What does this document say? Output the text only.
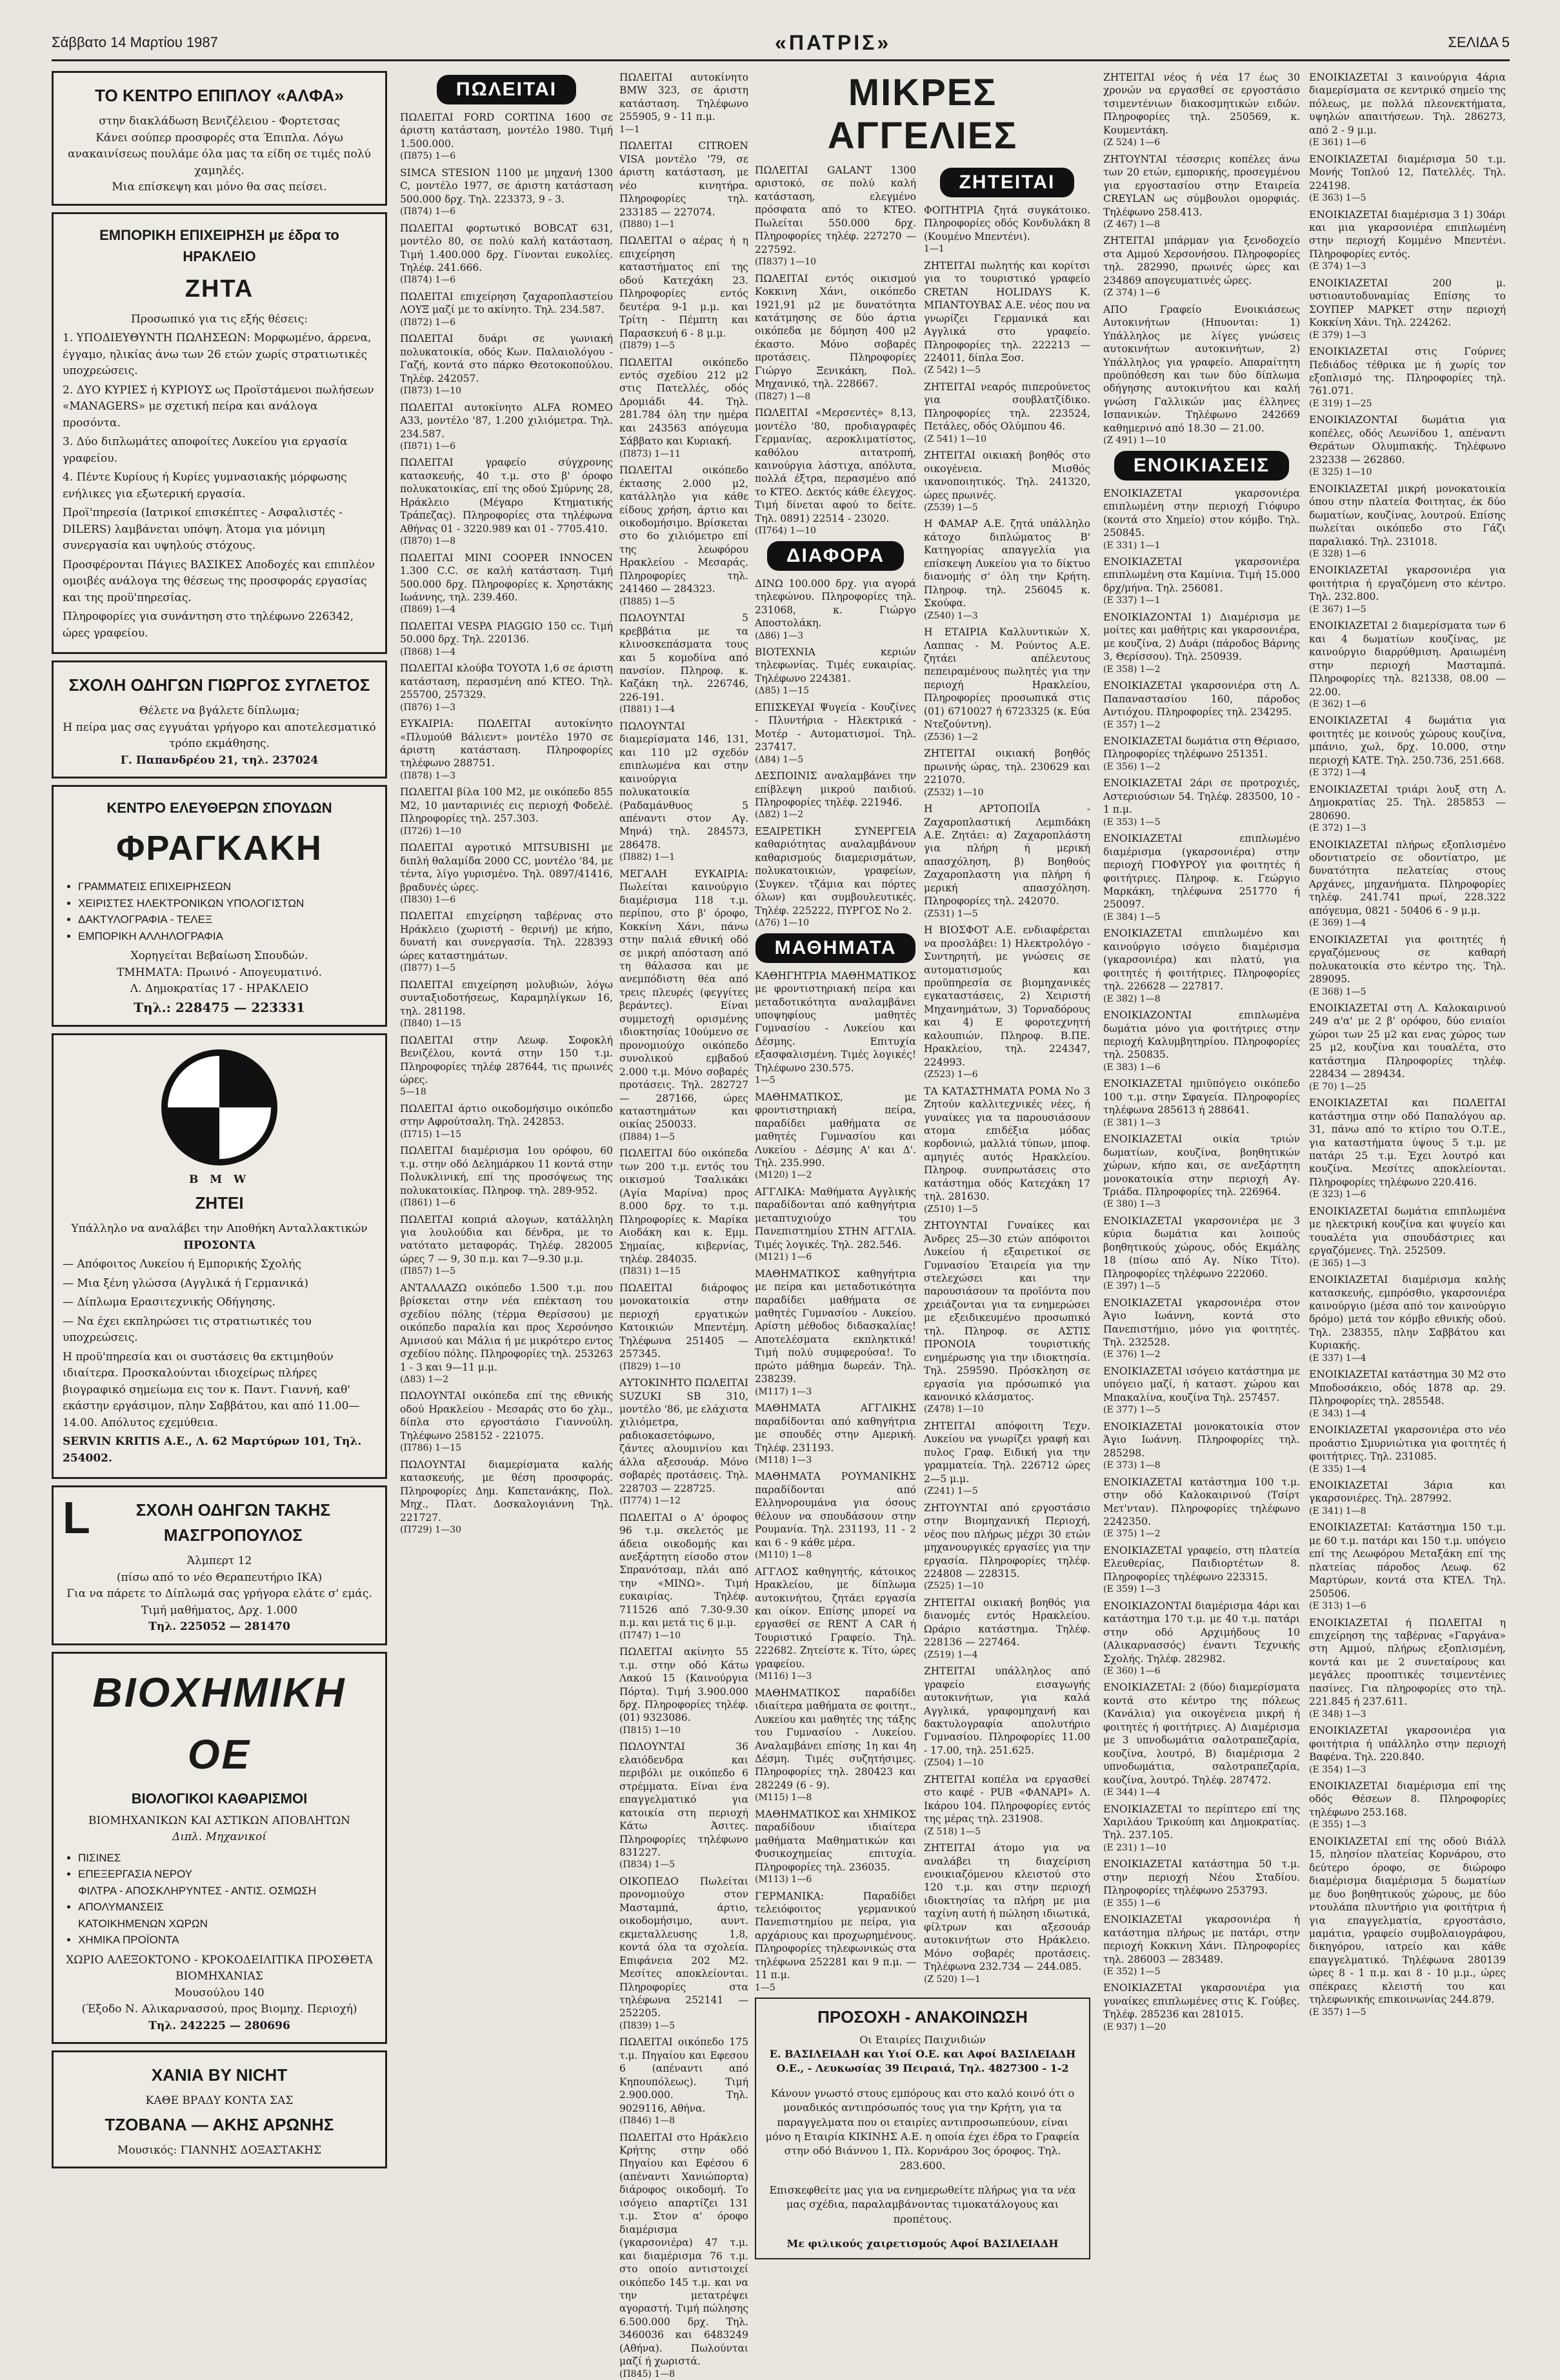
Σάββατο 14 Μαρτίου 1987	«ΠΑΤΡΙΣ»	ΣΕΛΙΔΑ 5
ΤΟ ΚΕΝΤΡΟ ΕΠΙΠΛΟΥ «ΑΛΦΑ»
στην διακλάδωση Βενιζέλειου - Φορτετσας
Κάνει σούπερ προσφορές στα Έπιπλα. Λόγω ανακαινίσεως πουλάμε όλα μας τα είδη σε τιμές πολύ χαμηλές.
Μια επίσκεψη και μόνο θα σας πείσει.
ΕΜΠΟΡΙΚΗ ΕΠΙΧΕΙΡΗΣΗ με έδρα το ΗΡΑΚΛΕΙΟ
ΖΗΤΑ
Προσωπικό για τις εξής θέσεις:

1. ΥΠΟΔΙΕΥΘΥΝΤΗ ΠΩΛΗΣΕΩΝ: Μορφωμένο, άρρενα, έγγαμο, ηλικίας άνω των 26 ετών χωρίς στρατιωτικές υποχρεώσεις.

2. ΔΥΟ ΚΥΡΙΕΣ ή ΚΥΡΙΟΥΣ ως Προϊστάμενοι πωλήσεων «MANAGERS» με σχετική πείρα και ανάλογα προσόντα.

3. Δύο διπλωμάτες αποφοίτες Λυκείου για εργασία γραφείου.

4. Πέντε Κυρίους ή Κυρίες γυμνασιακής μόρφωσης ενήλικες για εξωτερική εργασία.

Προϊ'πηρεσία (Ιατρικοί επισκέπτες - Ασφαλιστές - DILERS) λαμβάνεται υπόψη. Άτομα για μόνιμη συνεργασία και υψηλούς στόχους.

Προσφέρονται Πάγιες ΒΑΣΙΚΕΣ Αποδοχές και επιπλέον ομοιβές ανάλογα της θέσεως της προσφοράς εργασίας και της προϋ'πηρεσίας.

Πληροφορίες για συνάντηση στο τηλέφωνο 226342, ώρες γραφείου.

ΣΧΟΛΗ ΟΔΗΓΩΝ ΓΙΩΡΓΟΣ ΣΥΓΛΕΤΟΣ
Θέλετε να βγάλετε δίπλωμα;
Η πείρα μας σας εγγυάται γρήγορο και αποτελεσματικό τρόπο εκμάθησης.
Γ. Παπανδρέου 21, τηλ. 237024
ΚΕΝΤΡΟ ΕΛΕΥΘΕΡΩΝ ΣΠΟΥΔΩΝ
ΦΡΑΓΚΑΚΗ
• ΓΡΑΜΜΑΤΕΙΣ ΕΠΙΧΕΙΡΗΣΕΩΝ
• ΧΕΙΡΙΣΤΕΣ ΗΛΕΚΤΡΟΝΙΚΩΝ ΥΠΟΛΟΓΙΣΤΩΝ
• ΔΑΚΤΥΛΟΓΡΑΦΙΑ - ΤΕΛΕΞ
• ΕΜΠΟΡΙΚΗ ΑΛΛΗΛΟΓΡΑΦΙΑ
Χορηγείται Βεβαίωση Σπουδών.
ΤΜΗΜΑΤΑ: Πρωινό - Απογευματινό.
Λ. Δημοκρατίας 17 - ΗΡΑΚΛΕΙΟ
Τηλ.: 228475 — 223331
B M W
ΖΗΤΕΙ
Υπάλληλο να αναλάβει την Αποθήκη Ανταλλακτικών
ΠΡΟΣΟΝΤΑ

— Απόφοιτος Λυκείου ή Εμπορικής Σχολής

— Μια ξένη γλώσσα (Αγγλικά ή Γερμανικά)

— Δίπλωμα Ερασιτεχνικής Οδήγησης.

— Να έχει εκπληρώσει τις στρατιωτικές του υποχρεώσεις.

Η προϋ'πηρεσία και οι συστάσεις θα εκτιμηθούν ιδιαίτερα. Προσκαλούνται ιδιοχείρως πλήρες βιογραφικό σημείωμα εις τον κ. Παντ. Γιαννή, καθ' εκάστην εργάσιμον, πλην Σαββάτου, και από 11.00—14.00. Απόλυτος εχεμύθεια.

SERVIN KRITIS A.E., Λ. 62 Μαρτύρων 101, Τηλ. 254002.

L	ΣΧΟΛΗ ΟΔΗΓΩΝ ΤΑΚΗΣ ΜΑΣΓΡΟΠΟΥΛΟΣ
Άλμπερτ 12
(πίσω από το νέο Θεραπευτήριο ΙΚΑ)
Για να πάρετε το Δίπλωμά σας γρήγορα ελάτε σ' εμάς.
Τιμή μαθήματος, Δρχ. 1.000
Τηλ. 225052 — 281470
ΒΙΟΧΗΜΙΚΗ ΟΕ
ΒΙΟΛΟΓΙΚΟΙ ΚΑΘΑΡΙΣΜΟΙ
ΒΙΟΜΗΧΑΝΙΚΩΝ ΚΑΙ ΑΣΤΙΚΩΝ ΑΠΟΒΛΗΤΩΝ
Διπλ. Μηχανικοί
• ΠΙΣΙΝΕΣ
• ΕΠΕΞΕΡΓΑΣΙΑ ΝΕΡΟΥ
ΦΙΛΤΡΑ - ΑΠΟΣΚΛΗΡΥΝΤΕΣ - ΑΝΤΙΣ. ΟΣΜΩΣΗ
• ΑΠΟΛΥΜΑΝΣΕΙΣ
ΚΑΤΟΙΚΗΜΕΝΩΝ ΧΩΡΩΝ
• ΧΗΜΙΚΑ ΠΡΟΪΟΝΤΑ
ΧΩΡΙΟ ΑΛΕΞΟΚΤΟΝΟ - ΚΡΟΚΟΔΕΙΛΙΤΙΚΑ ΠΡΟΣΘΕΤΑ ΒΙΟΜΗΧΑΝΙΑΣ
Μουσούλου 140
(Έξοδο Ν. Αλικαρνασσού, προς Βιομηχ. Περιοχή)
Τηλ. 242225 — 280696
ΧΑΝΙΑ BY NICHT
ΚΑΘΕ ΒΡΑΔΥ ΚΟΝΤΑ ΣΑΣ
ΤΖΟΒΑΝΑ — ΑΚΗΣ ΑΡΩΝΗΣ
Μουσικός: ΓΙΑΝΝΗΣ ΔΟΞΑΣΤΑΚΗΣ
ΠΩΛΕΙΤΑΙ
ΠΩΛΕΙΤΑΙ FORD CORTINA 1600 σε άριστη κατάσταση, μοντέλο 1980. Τιμή 1.500.000.
(Π875) 1—6
SIMCA STESION 1100 με μηχανή 1300 C, μοντέλο 1977, σε άριστη κατάσταση 500.000 δρχ. Τηλ. 223373, 9 - 3.
(Π874) 1—6
ΠΩΛΕΙΤΑΙ φορτωτικό BOBCAT 631, μοντέλο 80, σε πολύ καλή κατάσταση. Τιμή 1.400.000 δρχ. Γίνονται ευκολίες. Τηλέφ. 241.666.
(Π874) 1—6
ΠΩΛΕΙΤΑΙ επιχείρηση ζαχαροπλαστείου ΛΟΥΞ μαζί με το ακίνητο. Τηλ. 234.587.
(Π872) 1—6
ΠΩΛΕΙΤΑΙ δυάρι σε γωνιακή πολυκατοικία, οδός Κων. Παλαιολόγου - Γαζή, κοντά στο πάρκο Θεοτοκοπούλου. Τηλέφ. 242057.
(Π873) 1—10
ΠΩΛΕΙΤΑΙ αυτοκίνητο ALFA ROMEO A33, μοντέλο '87, 1.200 χιλιόμετρα. Τηλ. 234.587.
(Π871) 1—6
ΠΩΛΕΙΤΑΙ γραφείο σύγχρονης κατασκευής, 40 τ.μ. στο β' όροφο πολυκατοικίας, επί της οδού Σμύρνης 28, Ηράκλειο (Μέγαρο Κτηματικής Τράπεζας). Πληροφορίες στα τηλέφωνα Αθήνας 01 - 3220.989 και 01 - 7705.410.
(Π870) 1—8
ΠΩΛΕΙΤΑΙ MINI COOPER INNOCEN 1.300 C.C. σε καλή κατάσταση. Τιμή 500.000 δρχ. Πληροφορίες κ. Χρηστάκης Ιωάννης, τηλ. 239.460.
(Π869) 1—4
ΠΩΛΕΙΤΑΙ VESPA PIAGGIO 150 cc. Τιμή 50.000 δρχ. Τηλ. 220136.
(Π868) 1—4
ΠΩΛΕΙΤΑΙ κλούβα TOYOTA 1,6 σε άριστη κατάσταση, περασμένη από ΚΤΕΟ. Τηλ. 255700, 257329.
(Π876) 1—3
ΕΥΚΑΙΡΙΑ: ΠΩΛΕΙΤΑΙ αυτοκίνητο «Πλυμούθ Βάλιεντ» μοντέλο 1970 σε άριστη κατάσταση. Πληροφορίες τηλέφωνο 288751.
(Π878) 1—3
ΠΩΛΕΙΤΑΙ βίλα 100 Μ2, με οικόπεδο 855 Μ2, 10 μανταρινιές εις περιοχή Φοδελέ. Πληροφορίες τηλ. 257.303.
(Π726) 1—10
ΠΩΛΕΙΤΑΙ αγροτικό MITSUBISHI με διπλή θαλαμίδα 2000 CC, μοντέλο '84, με τέντα, λίγο γυρισμένο. Τηλ. 0897/41416, βραδυνές ώρες.
(Π830) 1—6
ΠΩΛΕΙΤΑΙ επιχείρηση ταβέρνας στο Ηράκλειο (χωριστή - θερινή) με κήπο, δυνατή και συνεργασία. Τηλ. 228393 ώρες καταστημάτων.
(Π877) 1—5
ΠΩΛΕΙΤΑΙ επιχείρηση μολυβιών, λόγω συνταξιοδοτήσεως, Καραμηλίγκων 16, τηλ. 281198.
(Π840) 1—15
ΠΩΛΕΙΤΑΙ στην Λεωφ. Σοφοκλή Βενιζέλου, κοντά στην 150 τ.μ. Πληροφορίες τηλέφ 287644, τις πρωινές ώρες.
5—18
ΠΩΛΕΙΤΑΙ άρτιο οικοδομήσιμο οικόπεδο στην Αφρούτσαλη. Τηλ. 242853.
(Π715) 1—15
ΠΩΛΕΙΤΑΙ διαμέρισμα 1ου ορόφου, 60 τ.μ. στην οδό Δελημάρκου 11 κοντά στην Πολυκλινική, επί της προσόψεως της πολυκατοικίας. Πληροφ. τηλ. 289-952.
(Π861) 1—6
ΠΩΛΕΙΤΑΙ κοπριά αλογων, κατάλληλη για λουλούδια και δένδρα, με το νατότατο μεταφοράς. Τηλέφ. 282005 ώρες 7 — 9, 30 π.μ. και 7—9.30 μ.μ.
(Π857) 1—5
ΑΝΤΑΛΛΑΖΩ οικόπεδο 1.500 τ.μ. που βρίσκεται στην νέα επέκταση του σχεδίου πόλης (τέρμα Θερίσσου) με οικόπεδο παραλία και προς Χερσόνησο Αμνισού και Μάλια ή με μικρότερο εντος σχεδίου πόλης. Πληροφορίες τηλ. 253263 1 - 3 και 9—11 μ.μ.
(Δ83) 1—2
ΠΩΛΟΥΝΤΑΙ οικόπεδα επί της εθνικής οδού Ηρακλείου - Μεσαράς στο 6ο χλμ., δίπλα στο εργοστάσιο Γιαννούλη. Τηλέφωνο 258152 - 221075.
(Π786) 1—15
ΠΩΛΟΥΝΤΑΙ διαμερίσματα καλής κατασκευής, με θέση προσφοράς. Πληροφορίες Δημ. Καπετανάκης, Πολ. Μηχ., Πλατ. Δοσκαλογιάννη Τηλ. 221727.
(Π729) 1—30
ΠΩΛΕΙΤΑΙ αυτοκίνητο BMW 323, σε άριστη κατάσταση. Τηλέφωνο 255905, 9 - 11 π.μ.
1—1
ΠΩΛΕΙΤΑΙ CITROEN VISA μοντέλο '79, σε άριστη κατάσταση, με νέο κινητήρα. Πληροφορίες τηλ. 233185 — 227074.
(Π880) 1—1
ΠΩΛΕΙΤΑΙ ο αέρας ή η επιχείρηση καταστήματος επί της οδού Κατεχάκη 23. Πληροφορίες εντός δευτέρα 9-1 μ.μ. και Τρίτη - Πέμπτη και Παρασκευή 6 - 8 μ.μ.
(Π879) 1—5
ΠΩΛΕΙΤΑΙ οικόπεδο εντός σχεδίου 212 μ2 στις Πατελλές, οδός Δρομιάδι 44. Τηλ. 281.784 όλη την ημέρα και 243563 απόγευμα Σάββατο και Κυριακή.
(Π873) 1—11
ΠΩΛΕΙΤΑΙ οικόπεδο έκτασης 2.000 μ2, κατάλληλο για κάθε είδους χρήση, άρτιο και οικοδομήσιμο. Βρίσκεται στο 6ο χιλιόμετρο επί της λεωφόρου Ηρακλείου - Μεσαράς. Πληροφορίες τηλ. 241460 — 284323.
(Π885) 1—5
ΠΩΛΟΥΝΤΑΙ 5 κρεββάτια με τα κλινοσκεπάσματα τους και 5 κομοδίνα από πανσίον. Πληροφ. κ. Καζάκη τηλ. 226746, 226-191.
(Π881) 1—4
ΠΩΛΟΥΝΤΑΙ διαμερίσματα 146, 131, και 110 μ2 σχεδόν επιπλωμένα και στην καινούργια πολυκατοικία (Ραδαμάνθυος 5 απέναντι στον Αγ. Μηνά) τηλ. 284573, 286478.
(Π882) 1—1
ΜΕΓΑΛΗ ΕΥΚΑΙΡΙΑ: Πωλείται καινούργιο διαμέρισμα 118 τ.μ. περίπου, στο β' όροφο, Κοκκίνη Χάνι, πάνω στην παλιά εθνική οδό σε μικρή απόσταση από τη θάλασσα και με ανεμπόδιστη θέα από τρεις πλευρές (φεγγίτες βεράντες). Είναι συμμετοχή ορισμένης ιδιοκτησίας 10ούμενο σε προνομιούχο οικόπεδο συνολικού εμβαδού 2.000 τ.μ. Μόνο σοβαρές προτάσεις. Τηλ. 282727 — 287166, ώρες καταστημάτων και οικίας 250033.
(Π884) 1—5
ΠΩΛΕΙΤΑΙ δύο οικόπεδα των 200 τ.μ. εντός του οικισμού Τσαλικάκι (Αγία Μαρίνα) προς 8.000 δρχ. το τ.μ. Πληροφορίες κ. Μαρίκα Αιοδάκη και κ. Εμμ. Σημαίας, κιβερνίας, τηλέφ. 284035.
(Π831) 1—15
ΠΩΛΕΙΤΑΙ διάροφος μονοκατοικία στην περιοχή εργατικών Κατοικιών Μπεντέμη. Τηλέφωνα 251405 — 257345.
(Π829) 1—10
ΑΥΤΟΚΙΝΗΤΟ ΠΩΛΕΙΤΑΙ SUZUKI SB 310, μοντέλο '86, με ελάχιστα χιλιόμετρα, ραδιοκασετόφωνο, ζάντες αλουμινίου και άλλα αξεσουάρ. Μόνο σοβαρές προτάσεις. Τηλ. 228703 — 228725.
(Π774) 1—12
ΠΩΛΕΙΤΑΙ ο Α' όροφος 96 τ.μ. σκελετός με άδεια οικοδομής και ανεξάρτητη είσοδο στον Σπρανότσαμ, πλάι από την «ΜΙΝΩ». Τιμή ευκαιρίας. Τηλέφ. 711526 από 7.30-9.30 π.μ. και μετά τις 6 μ.μ.
(Π747) 1—10
ΠΩΛΕΙΤΑΙ ακίνητο 55 τ.μ. στην οδό Κάτω Λακού 15 (Καινούργια Πόρτα). Τιμή 3.900.000 δρχ. Πληροφορίες τηλέφ. (01) 9323086.
(Π815) 1—10
ΠΩΛΟΥΝΤΑΙ 36 ελαιόδενδρα και περιβόλι με οικόπεδο 6 στρέμματα. Είναι ένα επαγγελματικό για κατοικία στη περιοχή Κάτω Άσιτες. Πληροφορίες τηλέφωνο 831227.
(Π834) 1—5
ΟΙΚΟΠΕΔΟ Πωλείται προνομιούχο στον Μασταμπά, άρτιο, οικοδομήσιμο, αυντ. εκμεταλλευσης 1,8, κοντά όλα τα σχολεία. Επιφάνεια 202 Μ2. Μεσίτες αποκλείονται. Πληροφορίες στα τηλέφωνα 252141 — 252205.
(Π839) 1—5
ΠΩΛΕΙΤΑΙ οικόπεδο 175 τ.μ. Πηγαίου και Εφεσου 6 (απέναντι από Κηπουπόλεως). Τιμή 2.900.000. Τηλ. 9029116, Αθήνα.
(Π846) 1—8
ΠΩΛΕΙΤΑΙ στο Ηράκλειο Κρήτης στην οδό Πηγαίου και Εφέσου 6 (απέναντι Χανιώπορτα) διάροφος οικοδομή. Το ισόγειο απαρτίζει 131 τ.μ. Στον α' όροφο διαμέρισμα (γκαρσονιέρα) 47 τ.μ. και διαμέρισμα 76 τ.μ. στο οποίο αντιστοιχεί οικόπεδο 145 τ.μ. και να την μετατρέψει αγοραστή. Τιμή πώλησης 6.500.000 δρχ. Τηλ. 3460036 και 6483249 (Αθήνα). Πωλούνται μαζί ή χωριστά.
(Π845) 1—8
ΜΙΚΡΕΣ ΑΓΓΕΛΙΕΣ
ΠΩΛΕΙΤΑΙ GALANT 1300 αριστοκό, σε πολύ καλή κατάσταση, ελεγμένο πρόσφατα από το ΚΤΕΟ. Πωλείται 550.000 δρχ. Πληροφορίες τηλέφ. 227270 — 227592.
(Π837) 1—10
ΠΩΛΕΙΤΑΙ εντός οικισμού Κοκκινη Χάνι, οικόπεδο 1921,91 μ2 με δυνατότητα κατάτμησης σε δύο άρτια οικόπεδα με δόμηση 400 μ2 έκαστο. Μόνο σοβαρές προτάσεις. Πληροφορίες Γιώργο Ξενικάκη, Πολ. Μηχανικό, τηλ. 228667.
(Π827) 1—8
ΠΩΛΕΙΤΑΙ «Μερσεντές» 8,13, μοντέλο '80, προδιαγραφές Γερμανίας, αεροκλιματίστος, καθόλου αιτατροπή, καινούργια λάστιχα, απόλυτα, πολλά έξτρα, περασμένο από το ΚΤΕΟ. Δεκτός κάθε έλεγχος. Τιμή δίνεται αφού το δείτε. Τηλ. 0891) 22514 - 23020.
(Π764) 1—10
ΔΙΑΦΟΡΑ
ΔΙΝΩ 100.000 δρχ. για αγορά τηλεφώνου. Πληροφορίες τηλ. 231068, κ. Γιώργο Αποστολάκη.
(Δ86) 1—3
ΒΙΟΤΕΧΝΙΑ κεριών τηλεφωνίας. Τιμές ευκαιρίας. Τηλέφωνο 224381.
(Δ85) 1—15
ΕΠΙΣΚΕΥΑΙ Ψυγεία - Κουζίνες - Πλυντήρια - Ηλεκτρικά - Μοτέρ - Αυτοματισμοί. Τηλ. 237417.
(Δ84) 1—5
ΔΕΣΠΟΙΝΙΣ αναλαμβάνει την επίβλεψη μικρού παιδιού. Πληροφορίες τηλέφ. 221946.
(Δ82) 1—2
ΕΞΑΙΡΕΤΙΚΗ ΣΥΝΕΡΓΕΙΑ καθαριότητας αναλαμβάνουν καθαρισμούς διαμερισμάτων, πολυκατοικιών, γραφείων, (Συγκεν. τζάμια και πόρτες όλων) και συμβουλευτικές. Τηλέφ. 225222, ΠΥΡΓΟΣ Νο 2.
(Δ76) 1—10
ΜΑΘΗΜΑΤΑ
ΚΑΘΗΓΗΤΡΙΑ ΜΑΘΗΜΑΤΙΚΟΣ με φροντιστηριακή πείρα και μεταδοτικότητα αναλαμβάνει υποψηφίους μαθητές Γυμνασίου - Λυκείου και Δέσμης. Επιτυχία εξασφαλισμένη. Τιμές λογικές! Τηλέφωνο 230.575.
1—5
ΜΑΘΗΜΑΤΙΚΟΣ, με φροντιστηριακή πείρα, παραδίδει μαθήματα σε μαθητές Γυμνασίου και Λυκείου - Δέσμης Α' και Δ'. Τηλ. 235.990.
(Μ120) 1—2
ΑΓΓΛΙΚΑ: Μαθήματα Αγγλικής παραδίδονται από καθηγήτρια μεταπτυχιούχο του Πανεπιστημίου ΣΤΗΝ ΑΓΓΛΙΑ. Τιμές λογικές. Τηλ. 282.546.
(Μ121) 1—6
ΜΑΘΗΜΑΤΙΚΟΣ καθηγήτρια με πείρα και μεταδοτικότητα παραδίδει μαθήματα σε μαθητές Γυμνασίου - Λυκείου. Αρίστη μέθοδος διδασκαλίας! Αποτελέσματα εκπληκτικά! Τιμή πολύ συμφερούσα!. Το πρώτο μάθημα δωρεάν. Τηλ. 238239.
(Μ117) 1—3
ΜΑΘΗΜΑΤΑ ΑΓΓΛΙΚΗΣ παραδίδονται από καθηγήτρια με σπουδές στην Αμερική. Τηλέφ. 231193.
(Μ118) 1—3
ΜΑΘΗΜΑΤΑ ΡΟΥΜΑΝΙΚΗΣ παραδίδονται από Ελληνορουμάνα για όσους θέλουν να σπουδάσουν στην Ρουμανία. Τηλ. 231193, 11 - 2 και 6 - 9 κάθε μέρα.
(Μ110) 1—8
ΑΓΓΛΟΣ καθηγητής, κάτοικος Ηρακλείου, με δίπλωμα αυτοκινήτου, ζητάει εργασία και οίκον. Επίσης μπορεί να εργασθεί σε RENT A CAR ή Τουριστικό Γραφείο. Τηλ. 222682. Ζητείστε κ. Τίτο, ώρες γραφείου.
(Μ116) 1—3
ΜΑΘΗΜΑΤΙΚΟΣ παραδίδει ιδιαίτερα μαθήματα σε φοιτητ., Λυκείου και μαθητές της τάξης του Γυμνασίου - Λυκείου. Αναλαμβάνει επίσης 1η και 4η Δέσμη. Τιμές συζητήσιμες. Πληροφορίες τηλ. 280423 και 282249 (6 - 9).
(Μ115) 1—8
ΜΑΘΗΜΑΤΙΚΟΣ και ΧΗΜΙΚΟΣ παραδίδουν ιδιαίτερα μαθήματα Μαθηματικών και Φυσικοχημείας επιτυχία. Πληροφορίες τηλ. 236035.
(Μ113) 1—6
ΓΕΡΜΑΝΙΚΑ: Παραδίδει τελειόφοιτος γερμανικού Πανεπιστημίου με πείρα, για αρχάριους και προχωρημένους. Πληροφορίες τηλεφωνικώς στα τηλέφωνα 252281 και 9 π.μ. — 11 π.μ.
1—5
ΖΗΤΕΙΤΑΙ
ΦΟΙΤΗΤΡΙΑ ζητά συγκάτοικο. Πληροφορίες οδός Κονδυλάκη 8 (Κουμένο Μπεντένι).
1—1
ΖΗΤΕΙΤΑΙ πωλητής και κορίτσι για το τουριστικό γραφείο CRETAN HOLIDAYS Κ. ΜΠΑΝΤΟΥΒΑΣ Α.Ε. νέος που να γνωρίζει Γερμανικά και Αγγλικά στο γραφείο. Πληροφορίες τηλ. 222213 — 224011, δίπλα Ξοσ.
(Z 542) 1—5
ΖΗΤΕΙΤΑΙ νεαρός πιπερούνετος για σουβλατζίδικο. Πληροφορίες τηλ. 223524, Πετάλες, οδός Ολύμπου 46.
(Z 541) 1—10
ΖΗΤΕΙΤΑΙ οικιακή βοηθός στο οικογένεια. Μισθός ικανοποιητικός. Τηλ. 241320, ώρες πρωινές.
(Z539) 1—5
Η ΦΑΜΑΡ Α.Ε. ζητά υπάλληλο κάτοχο διπλώματος Β' Κατηγορίας απαγγελία για επίσκεψη Λυκείου για το δίκτυο διανομής σ' όλη την Κρήτη. Πληροφ. τηλ. 256045 κ. Σκούφα.
(Z540) 1—3
Η ΕΤΑΙΡΙΑ Καλλυντικών Χ. Λαππας - Μ. Ρούντος Α.Ε. ζητάει απέλευτους πεπειραμένους πωλητές για την περιοχή Ηρακλείου, Πληροφορίες προσωπικά στις (01) 6710027 ή 6723325 (κ. Εύα Ντεζούντνη).
(Z536) 1—2
ΖΗΤΕΙΤΑΙ οικιακή βοηθός πρωινής ώρας, τηλ. 230629 και 221070.
(Z532) 1—10
Η ΑΡΤΟΠΟΙΪΑ - Ζαχαροπλαστική Λεμπιδάκη Α.Ε. Ζητάει: α) Ζαχαροπλάστη για πλήρη ή μερική απασχόληση, β) Βοηθούς Ζαχαροπλαστη για πλήρη ή μερική απασχόληση. Πληροφορίες τηλ. 242070.
(Z531) 1—5
Η ΒΙΟΣΦΟΤ Α.Ε. ενδιαφέρεται να προσλάβει: 1) Ηλεκτρολόγο - Συντηρητή, με γνώσεις σε αυτοματισμούς και προϋπηρεσία σε βιομηχανικές εγκαταστάσεις, 2) Χειριστή Μηχανημάτων, 3) Τορναδόρους και 4) Ε φοροτεχνητή καλουπιών. Πληροφ. Β.ΠΕ. Ηρακλείου, τηλ. 224347, 224993.
(Z523) 1—6
ΤΑ ΚΑΤΑΣΤΗΜΑΤΑ ΡΟΜΑ No 3 Ζητούν καλλιτεχνικές νέες, ή γυναίκες για τα παρουσιάσουν ατομα επιδέξια μόδας κορδονιώ, μαλλιά τύπων, μποφ. αμηγιές αυτός Ηρακλείου. Πληροφ. συνπρωτάσεις στο κατάστημα οδός Κατεχάκη 17 τηλ. 281630.
(Z510) 1—5
ΖΗΤΟΥΝΤΑΙ Γυναίκες και Άνδρες 25—30 ετών απόφοιτοι Λυκείου ή εξαιρετικοί σε Γυμνασίου Έταιρεία για την στελεχώσει και την παρουσιάσουν τα προϊόντα που χρειάζονται για τα ενημερώσει με εξειδικευμένο προσωπικό τηλ. Πληροφ. σε ΑΣΤΙΣ ΠΡΟΝΟΙΑ τουριστικής ενημέρωσης για την ιδιοκτησία. Τηλ. 259590. Πρόσκληση σε εργασία για πρόσωπικό για κανονικό κλάσματος.
(Z478) 1—10
ΖΗΤΕΙΤΑΙ απόφοιτη Τεχν. Λυκείου να γνωρίζει γραφή και πυλος Γραφ. Ειδική για την γραμματεία. Τηλ. 226712 ώρες 2—5 μ.μ.
(Z241) 1—5
ΖΗΤΟΥΝΤΑΙ από εργοστάσιο στην Βιομηχανική Περιοχή, νέος που πλήρως μέχρι 30 ετών μηχανουργικές εργασίες για την εργασία. Πληροφορίες τηλέφ. 224808 — 228315.
(Z525) 1—10
ΖΗΤΕΙΤΑΙ οικιακή βοηθός για διανομές εντός Ηρακλείου. Ωράριο κατάστημα. Τηλέφ. 228136 — 227464.
(Z519) 1—4
ΖΗΤΕΙΤΑΙ υπάλληλος από γραφείο εισαγωγής αυτοκινήτων, για καλά Αγγλικά, γραφομηχανή και δακτυλογραφία απολυτήριο Γυμνασίου. Πληροφορίες 11.00 - 17.00, τηλ. 251.625.
(Z504) 1—10
ΖΗΤΕΙΤΑΙ κοπέλα να εργασθεί στο καφέ - PUB «ΦΑΝΑΡΙ» Λ. Ικάρου 104. Πληροφορίες εντός της μέρας τηλ. 231908.
(Z 518) 1—5
ΖΗΤΕΙΤΑΙ άτομο για να αναλάβει τη διαχείριση ενοικιαζόμενου κλειστού στο 120 τ.μ. και στην περιοχή ιδιοκτησίας τα πλήρη με μια ταχίνη αυτή ή πώληση ιδιωτικά, φίλτρων και αξεσουάρ αυτοκινήτων στο Ηράκλειο. Μόνο σοβαρές προτάσεις. Τηλέφωνα 232.734 — 244.085.
(Z 520) 1—1
ΠΡΟΣΟΧΗ - ΑΝΑΚΟΙΝΩΣΗ
Οι Εταιρίες Παιχνιδιών
Ε. ΒΑΣΙΛΕΙΑΔΗ και Υιοί Ο.Ε. και Αφοί ΒΑΣΙΛΕΙΑΔΗ Ο.Ε., - Λευκωσίας 39 Πειραιά, Τηλ. 4827300 - 1-2

Κάνουν γνωστό στους εμπόρους και στο καλό κοινό ότι ο μοναδικός αντιπρόσωπός τους για την Κρήτη, για τα παραγγελματα που οι εταιρίες αντιπροσωπεύουν, είναι μόνο η Εταιρία ΚΙΚΙΝΗΣ Α.Ε. η οποία έχει έδρα το Γραφεία στην οδό Βιάννου 1, Πλ. Κορνάρου 3ος όροφος. Τηλ. 283.600.

Επισκεφθείτε μας για να ενημερωθείτε πλήρως για τα νέα μας σχέδια, παραλαμβάνοντας τιμοκατάλογους και προπέτους.

Με φιλικούς χαιρετισμούς Αφοί ΒΑΣΙΛΕΙΑΔΗ
ΖΗΤΕΙΤΑΙ νέος ή νέα 17 έως 30 χρονών να εργασθεί σε εργοστάσιο τσιμεντένιων διακοσμητικών ειδών. Πληροφορίες τηλ. 250569, κ. Κουμεντάκη.
(Z 524) 1—6
ΖΗΤΟΥΝΤΑΙ τέσσερις κοπέλες άνω των 20 ετών, εμπορικής, προσεγμένου για εργοστασίου στην Εταιρεία CREYLAN ως σύμβουλοι ομορφιάς. Τηλέφωνο 258.413.
(Z 467) 1—8
ΖΗΤΕΙΤΑΙ μπάρμαν για ξενοδοχείο στα Αμμού Χερσονήσου. Πληροφορίες τηλ. 282990, πρωινές ώρες και 234869 απογευματινές ώρες.
(Z 374) 1—6
ΑΠΟ Γραφείο Ενοικιάσεως Αυτοκινήτων (Ηπυονται: 1) Υπάλληλος με λίγες γνώσεις αυτοκινήτων αυτοκινήτων, 2) Υπάλληλος για γραφείο. Απαραίτητη προϋπόθεση και των δύο δίπλωμα οδήγησης αυτοκινήτου και καλή γνώση Γαλλικών μας έλληνες Ισπανικών. Τηλέφωνο 242669 καθημερινό από 18.30 — 21.00.
(Z 491) 1—10
ΕΝΟΙΚΙΑΣΕΙΣ
ΕΝΟΙΚΙΑΖΕΤΑΙ γκαρσονιέρα επιπλωμένη στην περιοχή Γιόφυρο (κοντά στο Χημείο) στον κόμβο. Τηλ. 250845.
(Ε 331) 1—1
ΕΝΟΙΚΙΑΖΕΤΑΙ γκαρσονιέρα επιπλωμένη στα Καμίνια. Τιμή 15.000 δρχ/μήνα. Τηλ. 256081.
(Ε 337) 1—1
ΕΝΟΙΚΙΑΖΟΝΤΑΙ 1) Διαμέρισμα με μοίτες και μαθήτρις και γκαρσονιέρα, με κουζίνα, 2) Δυάρι (πάροδος Βάρνης 3, Θερίσσου). Τηλ. 250939.
(Ε 358) 1—2
ΕΝΟΙΚΙΑΖΕΤΑΙ γκαρσονιέρα στη Λ. Παπαναστασίου 160, πάροδος Αντιόχου. Πληροφορίες τηλ. 234295.
(Ε 357) 1—2
ΕΝΟΙΚΙΑΖΕΤΑΙ δωμάτια στη Θέριασο, Πληροφορίες τηλέφωνο 251351.
(Ε 356) 1—2
ΕΝΟΙΚΙΑΖΕΤΑΙ 2άρι σε προτροχιές, Αστεριούσιων 54. Τηλέφ. 283500, 10 - 1 π.μ.
(Ε 353) 1—5
ΕΝΟΙΚΙΑΖΕΤΑΙ επιπλωμένο διαμέρισμα (γκαρσονιέρα) στην περιοχή ΓΙΟΦΥΡΟΥ για φοιτητές ή φοιτήτριες. Πληροφ. κ. Γεώργιο Μαρκάκη, τηλέφωνα 251770 ή 250097.
(Ε 384) 1—5
ΕΝΟΙΚΙΑΖΕΤΑΙ επιπλωμένο και καινούργιο ισόγειο διαμέρισμα (γκαρσονιέρα) και πλατύ, για φοιτητές ή φοιτήτριες. Πληροφορίες τηλ. 226628 — 227817.
(Ε 382) 1—8
ΕΝΟΙΚΙΑΖΟΝΤΑΙ επιπλωμένα δωμάτια μόνο για φοιτήτριες στην περιοχή Καλυμβητηρίου. Πληροφορίες τηλ. 250835.
(Ε 383) 1—6
ΕΝΟΙΚΙΑΖΕΤΑΙ ημιϋπόγειο οικόπεδο 100 τ.μ. στην Σφαγεία. Πληροφορίες τηλέφωνα 285613 ή 288641.
(Ε 381) 1—3
ΕΝΟΙΚΙΑΖΕΤΑΙ οικία τριών δωματίων, κουζίνα, βοηθητικών χώρων, κήπο και, σε ανεξάρτητη μονοκατοικία στην περιοχή Αγ. Τριάδα. Πληροφορίες τηλ. 226964.
(Ε 380) 1—3
ΕΝΟΙΚΙΑΖΕΤΑΙ γκαρσονιέρα με 3 κύρια δωμάτια και λοιπούς βοηθητικούς χώρους, οδός Εκμάλης 18 (πίσω από Αγ. Νίκο Τίτο). Πληροφορίες τηλέφωνο 222060.
(Ε 397) 1—5
ΕΝΟΙΚΙΑΖΕΤΑΙ γκαρσονιέρα στον Άγιο Ιωάννη, κοντά στο Πανεπιστήμιο, μόνο για φοιτητές. Τηλ. 232528.
(Ε 376) 1—2
ΕΝΟΙΚΙΑΖΕΤΑΙ ισόγειο κατάστημα με υπόγειο μαζί, ή καταστ. χώρου και Μπακαλίνα, κουζίνα Τηλ. 257457.
(Ε 377) 1—5
ΕΝΟΙΚΙΑΖΕΤΑΙ μονοκατοικία στον Άγιο Ιωάννη. Πληροφορίες τηλ. 285298.
(Ε 373) 1—8
ΕΝΟΙΚΙΑΖΕΤΑΙ κατάστημα 100 τ.μ. στην οδό Καλοκαιρινού (Τσίρτ Μετ'νταν). Πληροφορίες τηλέφωνο 2242350.
(Ε 375) 1—2
ΕΝΟΙΚΙΑΖΕΤΑΙ γραφείο, στη πλατεία Ελευθερίας, Παιδιορτέτων 8. Πληροφορίες τηλέφωνο 223315.
(Ε 359) 1—3
ΕΝΟΙΚΙΑΖΟΝΤΑΙ διαμέρισμα 4άρι και κατάστημα 170 τ.μ. με 40 τ.μ. πατάρι στην οδό Αρχιμήδους 10 (Αλικαρνασσός) έναντι Τεχνικής Σχολής. Τηλέφ. 282982.
(Ε 360) 1—6
ΕΝΟΙΚΙΑΖΕΤΑΙ: 2 (δύο) διαμερίσματα κοντά στο κέντρο της πόλεως (Κανάλια) για οικογένεια μικρή ή φοιτητές ή φοιτήτριες. Α) Διαμέρισμα με 3 υπνοδωμάτια σαλοτραπεζαρία, κουζίνα, λουτρό, Β) διαμέρισμα 2 υπνοδωμάτια, σαλοτραπεζαρία, κουζίνα, λουτρό. Τηλέφ. 287472.
(Ε 344) 1—4
ΕΝΟΙΚΙΑΖΕΤΑΙ το περίπτερο επί της Χαριλάου Τρικούπη και Δημοκρατίας. Τηλ. 237.105.
(Ε 231) 1—10
ΕΝΟΙΚΙΑΖΕΤΑΙ κατάστημα 50 τ.μ. στην περιοχή Νέου Σταδίου. Πληροφορίες τηλέφωνο 253793.
(Ε 355) 1—6
ΕΝΟΙΚΙΑΖΕΤΑΙ γκαρσονιέρα ή κατάστημα πλήρως με πατάρι, στην περιοχή Κοκκινη Χάνι. Πληροφορίες τηλ. 286003 — 283489.
(Ε 352) 1—5
ΕΝΟΙΚΙΑΖΕΤΑΙ γκαρσονιέρα για γυναίκες επιπλωμένες στις Κ. Γούβες. Τηλέφ. 285236 και 281015.
(Ε 937) 1—20
ΕΝΟΙΚΙΑΖΕΤΑΙ 3 καινούργια 4άρια διαμερίσματα σε κεντρικό σημείο της πόλεως, με πολλά πλεονεκτήματα, υψηλών απαιτήσεων. Τηλ. 286273, από 2 - 9 μ.μ.
(Ε 361) 1—6
ΕΝΟΙΚΙΑΖΕΤΑΙ διαμέρισμα 50 τ.μ. Μονής Τοπλού 12, Πατελλές. Τηλ. 224198.
(Ε 363) 1—5
ΕΝΟΙΚΙΑΖΕΤΑΙ διαμέρισμα 3 1) 30άρι και μια γκαρσονιέρα επιπλωμένη στην περιοχή Κομμένο Μπεντένι. Πληροφορίες εντός.
(Ε 374) 1—3
ΕΝΟΙΚΙΑΖΕΤΑΙ 200 μ. υστιοαυτοδυναμίας Επίσης το ΣΟΥΠΕΡ ΜΑΡΚΕΤ στην περιοχή Κοκκίνη Χάνι. Τηλ. 224262.
(Ε 379) 1—3
ΕΝΟΙΚΙΑΖΕΤΑΙ στις Γούρνες Πεδιάδος τέθρικα με ή χωρίς τον εξοπλισμό της. Πληροφορίες τηλ. 761.071.
(Ε 319) 1—25
ΕΝΟΙΚΙΑΖΟΝΤΑΙ δωμάτια για κοπέλες, οδός Λεωνίδου 1, απέναντι Θεράτων Ολυμπιακής. Τηλέφωνο 232338 — 262860.
(Ε 325) 1—10
ΕΝΟΙΚΙΑΖΕΤΑΙ μικρή μονοκατοικία όπου στην πλατεία Φοιτητας, έκ δύο δωματίων, κουζίνας, λουτρού. Επίσης πωλείται οικόπεδο στο Γάζι παραλιακό. Τηλ. 231018.
(Ε 328) 1—6
ΕΝΟΙΚΙΑΖΕΤΑΙ γκαρσονιέρα για φοιτήτρια ή εργαζόμενη στο κέντρο. Τηλ. 232.800.
(Ε 367) 1—5
ΕΝΟΙΚΙΑΖΕΤΑΙ 2 διαμερίσματα των 6 και 4 δωματίων κουζίνας, με καινούργιο διαρρύθμιση. Αραιωμένη στην περιοχή Μασταμπά. Πληροφορίες τηλ. 821338, 08.00 — 22.00.
(Ε 362) 1—6
ΕΝΟΙΚΙΑΖΕΤΑΙ 4 δωμάτια για φοιτητές με κοινούς χώρους κουζίνα, μπάνιο, χωλ, δρχ. 10.000, στην περιοχή ΚΑΤΕ. Τηλ. 250.736, 251.668.
(Ε 372) 1—4
ΕΝΟΙΚΙΑΖΕΤΑΙ τριάρι λουξ στη Λ. Δημοκρατίας 25. Τηλ. 285853 — 280690.
(Ε 372) 1—3
ΕΝΟΙΚΙΑΖΕΤΑΙ πλήρως εξοπλισμένο οδοντιατρείο σε οδοντίατρο, με δυνατότητα πελατείας στους Αρχάνες, μηχανήματα. Πληροφορίες τηλέφ. 241.741 πρωί, 228.322 απόγευμα, 0821 - 50406 6 - 9 μ.μ.
(Ε 369) 1—4
ΕΝΟΙΚΙΑΖΕΤΑΙ για φοιτητές ή εργαζόμενους σε καθαρή πολυκατοικία στο κέντρο της. Τηλ. 289095.
(Ε 368) 1—5
ΕΝΟΙΚΙΑΖΕΤΑΙ στη Λ. Καλοκαιρινού 249 α'α' με 2 β' ορόφου, δύο ενιαίοι χώροι των 25 μ2 και ενας χώρος των 25 μ2, κουζίνα και τουαλέτα, στο κατάστημα Πληροφορίες τηλέφ. 228434 — 289434.
(Ε 70) 1—25
ΕΝΟΙΚΙΑΖΕΤΑΙ και ΠΩΛΕΙΤΑΙ κατάστημα στην οδό Παπαλόγου αρ. 31, πάνω από το κτίριο του Ο.Τ.Ε., για καταστήματα ύψους 5 τ.μ. με πατάρι 25 τ.μ. Έχει λουτρό και κουζίνα. Μεσίτες αποκλείονται. Πληροφορίες τηλέφωνο 220.416.
(Ε 323) 1—6
ΕΝΟΙΚΙΑΖΕΤΑΙ δωμάτια επιπλωμένα με ηλεκτρική κουζίνα και ψυγείο και τουαλέτα για σπουδάστριες και εργαζόμενες. Τηλ. 252509.
(Ε 365) 1—3
ΕΝΟΙΚΙΑΖΕΤΑΙ διαμέρισμα καλής κατασκευής, εμπρόσθιο, γκαρσονιέρα καινούργιο (μέσα από τον καινούργιο δρόμο) μετά τον κόμβο εθνικής οδού. Τηλ. 238355, πλην Σαββάτου και Κυριακής.
(Ε 337) 1—4
ΕΝΟΙΚΙΑΖΕΤΑΙ κατάστημα 30 Μ2 στο Μποδοσάκειο, οδός 1878 αρ. 29. Πληροφορίες τηλ. 285548.
(Ε 343) 1—4
ΕΝΟΙΚΙΑΖΕΤΑΙ γκαρσονιέρα στο νέο προάστιο Σμυρνιώτικα για φοιτητές ή φοιτήτριες. Τηλ. 231085.
(Ε 335) 1—4
ΕΝΟΙΚΙΑΖΕΤΑΙ 3άρια και γκαρσονιέρες. Τηλ. 287992.
(Ε 341) 1—8
ΕΝΟΙΚΙΑΖΕΤΑΙ: Κατάστημα 150 τ.μ. με 60 τ.μ. πατάρι και 150 τ.μ. υπόγειο επί της Λεωφόρου Μεταξάκη επί της πλατείας πάροδος Λεωφ. 62 Μαρτύρων, κοντά στα ΚΤΕΛ. Τηλ. 250506.
(Ε 313) 1—6
ΕΝΟΙΚΙΑΖΕΤΑΙ ή ΠΩΛΕΙΤΑΙ η επιχείρηση της ταβέρνας «Γαργάνα» στη Αμμού, πλήρως εξοπλισμένη, κοντά και με 2 συνεταίρους και μεγάλες προοπτικές τσιμεντένιες πασίνες. Για πληροφορίες στο τηλ. 221.845 ή 237.611.
(Ε 348) 1—3
ΕΝΟΙΚΙΑΖΕΤΑΙ γκαρσονιέρα για φοιτήτρια ή υπάλληλο στην περιοχή Βαφένα. Τηλ. 220.840.
(Ε 354) 1—3
ΕΝΟΙΚΙΑΖΕΤΑΙ διαμέρισμα επί της οδός Θέσεων 8. Πληροφορίες τηλέφωνο 253.168.
(Ε 355) 1—3
ΕΝΟΙΚΙΑΖΕΤΑΙ επί της οδού Βιάλλ 15, πλησίον πλατείας Κορνάρου, στο δεύτερο όροφο, σε διώροφο διαμέρισμα διαμέρισμα 5 δωματίων με δυο βοηθητικούς χώρους, με δύο ντουλάπα πλυντήριο για φοιτήτρια ή για επαγγελματία, εργοστάσιο, μαμάτια, γραφείο συμβολαιογράφου, δικηγόρου, ιατρείο και κάθε επαγγελματικό. Τηλέφωνα 280139 ώρες 8 - 1 π.μ. και 8 - 10 μ.μ., ώρες σπέκραες κλειστή του και τηλεφωνικής επικοινωνίας 244.879.
(Ε 357) 1—5
